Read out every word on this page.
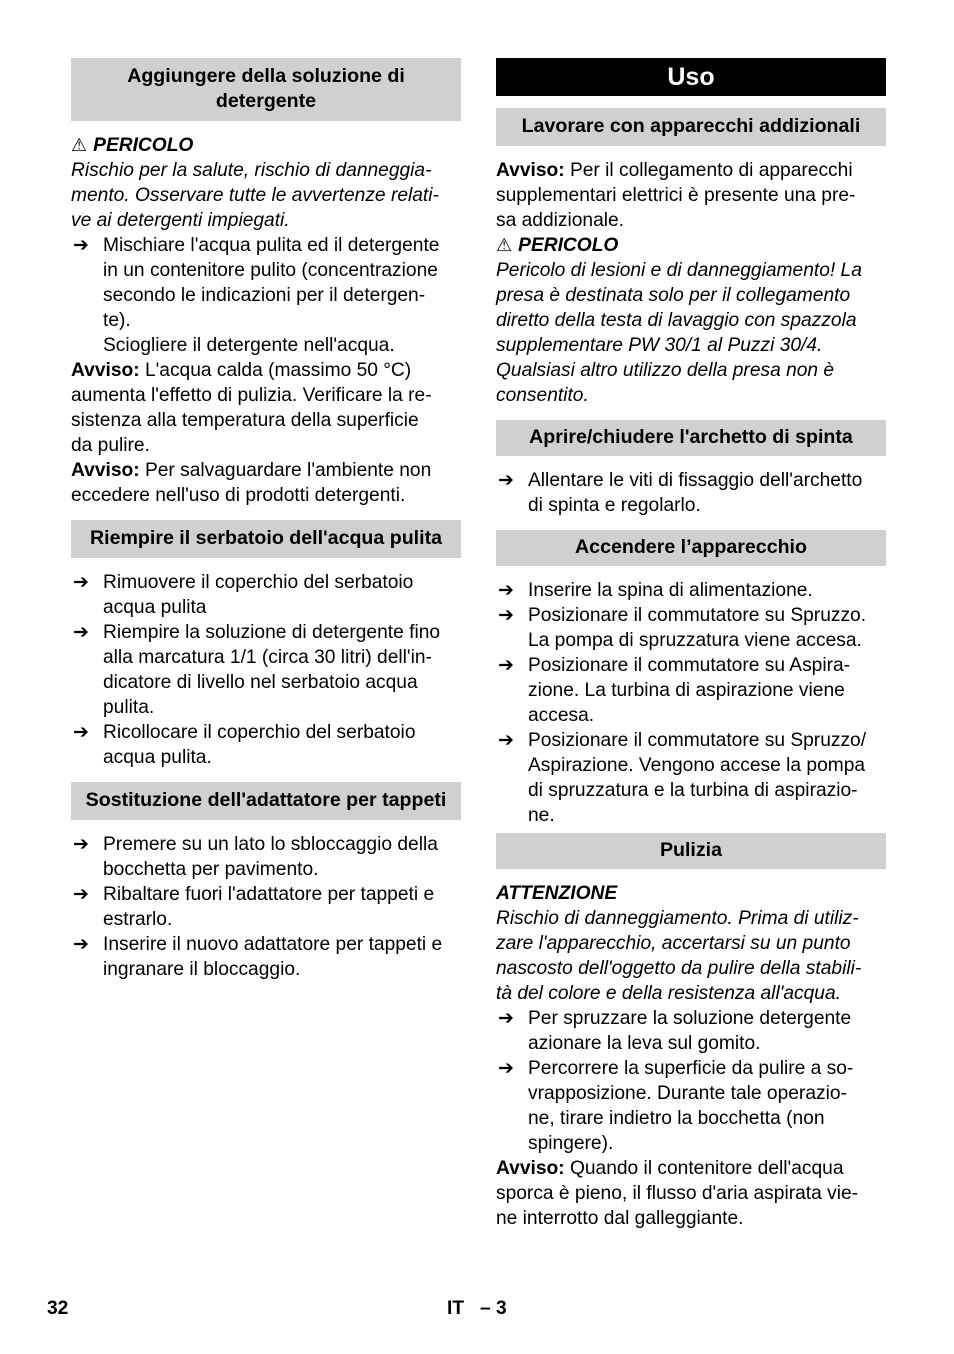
Aggiungere della soluzione di detergente

⚠ PERICOLO

Rischio per la salute, rischio di danneggia-

mento. Osservare tutte le avvertenze relati-

ve ai detergenti impiegati.

➔ Mischiare l'acqua pulita ed il detergente

in un contenitore pulito (concentrazione

secondo le indicazioni per il detergen-

te).

Sciogliere il detergente nell'acqua.

Avviso: L'acqua calda (massimo 50 °C)

aumenta l'effetto di pulizia. Verificare la re-

sistenza alla temperatura della superficie

da pulire.

Avviso: Per salvaguardare l'ambiente non

eccedere nell'uso di prodotti detergenti.

Riempire il serbatoio dell'acqua pulita
➔ Rimuovere il coperchio del serbatoio

acqua pulita

➔ Riempire la soluzione di detergente fino

alla marcatura 1/1 (circa 30 litri) dell'in-

dicatore di livello nel serbatoio acqua

pulita.

➔ Ricollocare il coperchio del serbatoio

acqua pulita.

Sostituzione dell'adattatore per tappeti
➔ Premere su un lato lo sbloccaggio della

bocchetta per pavimento.

➔ Ribaltare fuori l'adattatore per tappeti e

estrarlo.

➔ Inserire il nuovo adattatore per tappeti e

ingranare il bloccaggio.

Uso
Lavorare con apparecchi addizionali

Avviso: Per il collegamento di apparecchi

supplementari elettrici è presente una pre-

sa addizionale.

⚠ PERICOLO

Pericolo di lesioni e di danneggiamento! La

presa è destinata solo per il collegamento

diretto della testa di lavaggio con spazzola

supplementare PW 30/1 al Puzzi 30/4.

Qualsiasi altro utilizzo della presa non è

consentito.

Aprire/chiudere l'archetto di spinta
➔ Allentare le viti di fissaggio dell'archetto

di spinta e regolarlo.

Accendere l’apparecchio
➔ Inserire la spina di alimentazione.

➔ Posizionare il commutatore su Spruzzo.

La pompa di spruzzatura viene accesa.

➔ Posizionare il commutatore su Aspira-

zione. La turbina di aspirazione viene

accesa.

➔ Posizionare il commutatore su Spruzzo/

Aspirazione. Vengono accese la pompa

di spruzzatura e la turbina di aspirazio-

ne.

Pulizia

ATTENZIONE

Rischio di danneggiamento. Prima di utiliz-

zare l'apparecchio, accertarsi su un punto

nascosto dell'oggetto da pulire della stabili-

tà del colore e della resistenza all'acqua.

➔ Per spruzzare la soluzione detergente

azionare la leva sul gomito.

➔ Percorrere la superficie da pulire a so-

vrapposizione. Durante tale operazio-

ne, tirare indietro la bocchetta (non

spingere).

Avviso: Quando il contenitore dell'acqua

sporca è pieno, il flusso d'aria aspirata vie-

ne interrotto dal galleggiante.

32	IT – 3
